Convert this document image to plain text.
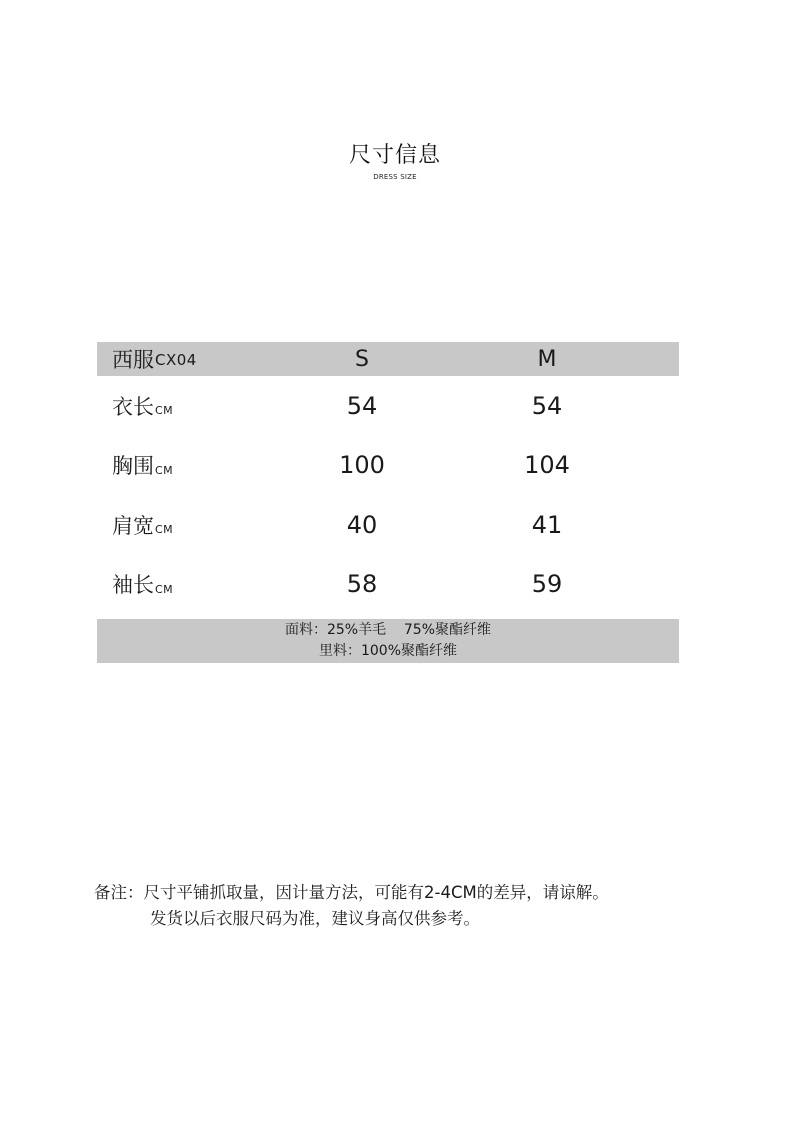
尺寸信息
DRESS SIZE
西服 CX04	S	M
衣长 CM	54	54
胸围 CM	100	104
肩宽 CM	40	41
袖长 CM	58	59
面料：25%羊毛    75%聚酯纤维
里料：100%聚酯纤维
备注：尺寸平铺抓取量，因计量方法，可能有2-4CM的差异，请谅解。
发货以后衣服尺码为准，建议身高仅供参考。
